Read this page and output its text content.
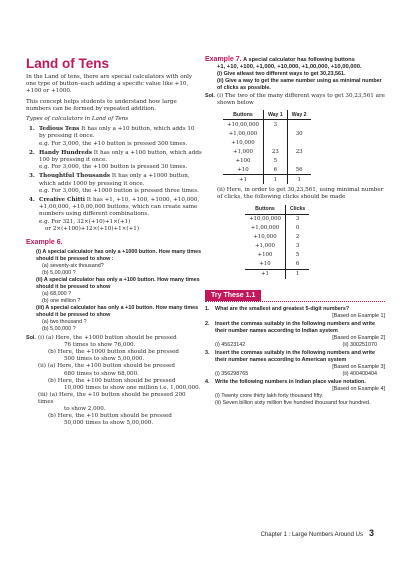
Land of Tens
In the Land of tens, there are special calculators with only one type of button–each adding a specific value like +10, +100 or +1000.
This concept helps students to understand how large numbers can be formed by repeated addition.
Types of calculators in Land of Tens
1. Tedious Tens It has only a +10 button, which adds 10 by pressing it once.
e.g. For 3,000, the +10 button is pressed 300 times.
2. Handy Hundreds It has only a +100 button, which adds 100 by pressing it once.
e.g. For 3,000, the +100 button is pressed 30 times.
3. Thoughtful Thousands It has only a +1000 button, which adds 1000 by pressing it once.
e.g. For 3,000, the +1000 button is pressed three times.
4. Creative Chitti It has +1, +10, +100, +1000, +10,000, +1,00,000, +10,00,000 buttons, which can create same numbers using different combinations.
e.g. For 321, 32×(+10)+1×(+1)
or 2×(+100)+12×(+10)+1×(+1)
Example 6.
(i) A special calculator has only a +1000 button. How many times should it be pressed to show :
(a) seventy-six thousand?
(b) 5,00,000 ?
(ii) A special calculator has only a +100 button. How many times should it be pressed to show
(a) 68,000 ?
(b) one million ?
(iii) A special calculator has only a +10 button. How many times should it be pressed to show
(a) two thousand ?
(b) 5,00,000 ?
Sol. (i) (a) Here, the +1000 button should be pressed
76 times to show 76,000.
(b) Here, the +1000 button should be pressed
500 times to show 5,00,000.
(ii) (a) Here, the +100 button should be pressed
680 times to show 68,000.
(b) Here, the +100 button should be pressed
10,000 times to show one million i.e. 1,000,000.
(iii) (a) Here, the +10 button should be pressed 200 times
to show 2,000.
(b) Here, the +10 button should be pressed
50,000 times to show 5,00,000.
Example 7. A special calculator has following buttons
+1, +10, +100, +1,000, +10,000, +1,00,000, +10,00,000.
(i) Give atleast two different ways to get 30,23,561.
(ii) Give a way to get the same number using as minimal number of clicks as possible.
Sol. (i) The two of the many different ways to get 30,23,561 are shown below
Buttons	Way 1	Way 2
+10,00,000	3	
+1,00,000		30
+10,000		
+1,000	23	23
+100	5	
+10	6	56
+1	1	1
(ii) Here, in order to get 30,23,561, using minimal number of clicks, the following clicks should be made
Buttons	Clicks
+10,00,000	3
+1,00,000	0
+10,000	2
+1,000	3
+100	5
+10	6
+1	1
Try These 1.1
1. What are the smallest and greatest 5-digit numbers?
[Based on Example 1]
2. Insert the commas suitably in the following numbers and write their number names according to Indian system
[Based on Example 2]
(i) 45623142	(ii) 300251070
3. Insert the commas suitably in the following numbers and write their number names according to American system
[Based on Example 3]
(i) 356298765	(ii) 400400404
4. Write the following numbers in Indian place value notation.
[Based on Example 4]
(i) Twenty crore thirty lakh forty thousand fifty.
(ii) Seven billion sixty million five hundred thousand four hundred.
Chapter 1 : Large Numbers Around Us 3
